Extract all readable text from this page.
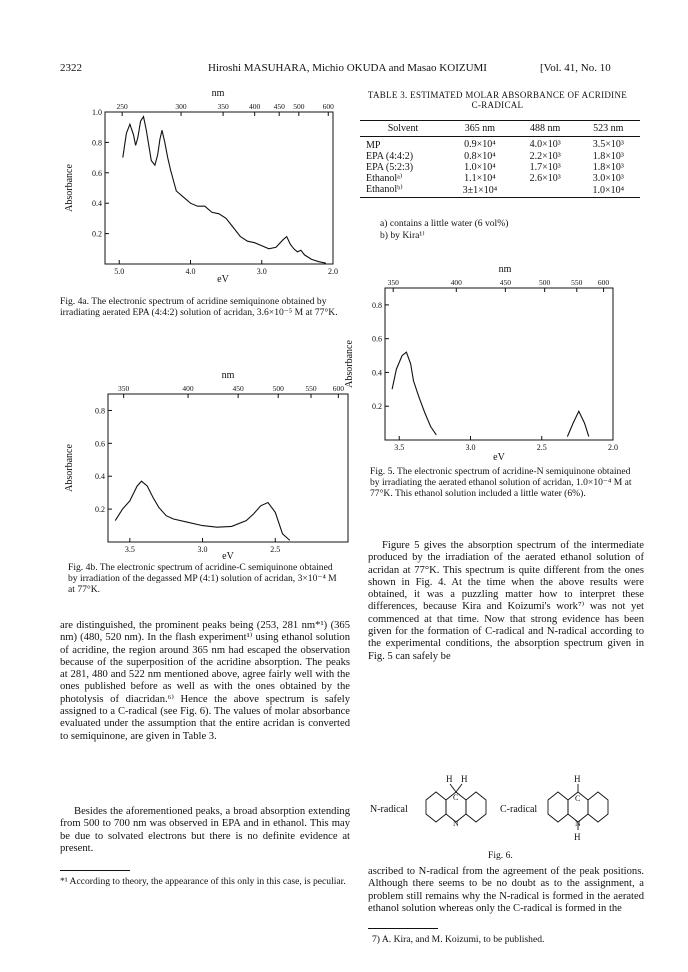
2322	Hiroshi MASUHARA, Michio OKUDA and Masao KOIZUMI	[Vol. 41, No. 10
nm
250	300	350	400 450 500 600
1.0
0.8
0.6
0.4
0.2
5.0	4.0	3.0	2.0
eV
Absorbance
Fig. 4a. The electronic spectrum of acridine semiquinone obtained by irradiating aerated EPA (4:4:2) solution of acridan, 3.6×10⁻⁵ M at 77°K.
nm
350	400	450	500	550 600
0.8
0.6
0.4
0.2
3.5	3.0	2.5
eV
Absorbance
Fig. 4b. The electronic spectrum of acridine-C semiquinone obtained by irradiation of the degassed MP (4:1) solution of acridan, 3×10⁻⁴ M at 77°K.
are distinguished, the prominent peaks being (253, 281 nm*¹) (365 nm) (480, 520 nm). In the flash experiment¹⁾ using ethanol solution of acridine, the region around 365 nm had escaped the observation because of the superposition of the acridine absorption. The peaks at 281, 480 and 522 nm mentioned above, agree fairly well with the ones published before as well as with the ones obtained by the photolysis of diacridan.⁶⁾ Hence the above spectrum is safely assigned to a C-radical (see Fig. 6). The values of molar absorbance evaluated under the assumption that the entire acridan is converted to semiquinone, are given in Table 3.
Besides the aforementioned peaks, a broad absorption extending from 500 to 700 nm was observed in EPA and in ethanol. This may be due to solvated electrons but there is no definite evidence at present.
*¹ According to theory, the appearance of this only in this case, is peculiar.
TABLE 3. ESTIMATED MOLAR ABSORBANCE OF ACRIDINE
C-RADICAL
Solvent	365 nm	488 nm	523 nm
MP	0.9×10⁴	4.0×10³	3.5×10³
EPA (4:4:2)	0.8×10⁴	2.2×10³	1.8×10³
EPA (5:2:3)	1.0×10⁴	1.7×10³	1.8×10³
Ethanolᵃ⁾	1.1×10⁴	2.6×10³	3.0×10³
Ethanolᵇ⁾	3±1×10⁴		1.0×10⁴
a) contains a little water (6 vol%)
b) by Kira¹⁾
nm
350	400	450	500	550 600
0.8
0.6
0.4
0.2
3.5	3.0	2.5	2.0
eV
Absorbance
Fig. 5. The electronic spectrum of acridine-N semiquinone obtained by irradiating the aerated ethanol solution of acridan, 1.0×10⁻⁴ M at 77°K. This ethanol solution included a little water (6%).
Figure 5 gives the absorption spectrum of the intermediate produced by the irradiation of the aerated ethanol solution of acridan at 77°K. This spectrum is quite different from the ones shown in Fig. 4. At the time when the above results were obtained, it was a puzzling matter how to interpret these differences, because Kira and Koizumi's work⁷⁾ was not yet commenced at that time. Now that strong evidence has been given for the formation of C-radical and N-radical according to the experimental conditions, the absorption spectrum given in Fig. 5 can safely be
N-radical
H H
C
N
C-radical
H
C
N
H
Fig. 6.
ascribed to N-radical from the agreement of the peak positions. Although there seems to be no doubt as to the assignment, a problem still remains why the N-radical is formed in the aerated ethanol solution whereas only the C-radical is formed in the
7) A. Kira, and M. Koizumi, to be published.
